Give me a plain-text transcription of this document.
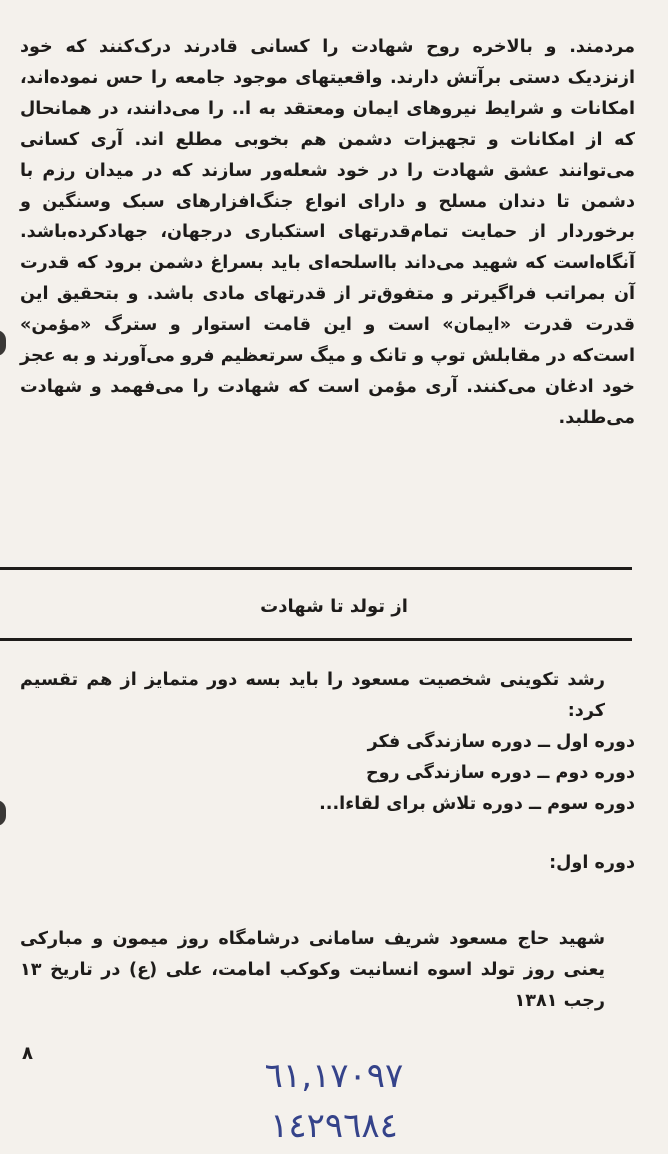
مردمند. و بالاخره روح شهادت را کسانی قادرند درک‌کنند که خود ازنزدیک دستی برآتش دارند. واقعیتهای موجود جامعه را حس نموده‌اند، امکانات و شرایط نیروهای ایمان ومعتقد به ا.. را می‌دانند، در همانحال که از امکانات و تجهیزات دشمن هم بخوبی مطلع اند. آری کسانی می‌توانند عشق شهادت را در خود شعله‌ور سازند که در میدان رزم با دشمن تا دندان مسلح و دارای انواع جنگ‌افزارهای سبک وسنگین و برخوردار از حمایت تمام‌قدرتهای استکباری درجهان، جهادکرده‌باشد. آنگاه‌است که شهید می‌داند بااسلحه‌ای باید بسراغ دشمن برود که قدرت آن بمراتب فراگیرتر و متفوق‌تر از قدرتهای مادی باشد. و بتحقیق این قدرت قدرت «ایمان» است و این قامت استوار و سترگ «مؤمن» است‌که در مقابلش توپ و تانک و میگ سرتعظیم فرو می‌آورند و به عجز خود ادغان می‌کنند. آری مؤمن است که شهادت را می‌فهمد و شهادت می‌طلبد.

از تولد تا شهادت

رشد تکوینی شخصیت مسعود را باید بسه دور متمایز از هم تقسیم کرد:

دوره اول ــ دوره سازندگی فکر

دوره دوم ــ دوره سازندگی روح

دوره سوم ــ دوره تلاش برای لقاءا...

دوره اول:

شهید حاج مسعود شریف سامانی درشامگاه روز میمون و مبارکی یعنی روز تولد اسوه انسانیت وکوکب امامت، علی (ع) در تاریخ ۱۳ رجب ۱۳۸۱

۸
٦١,١٧٠٩٧
١٤٢٩٦٨٤
